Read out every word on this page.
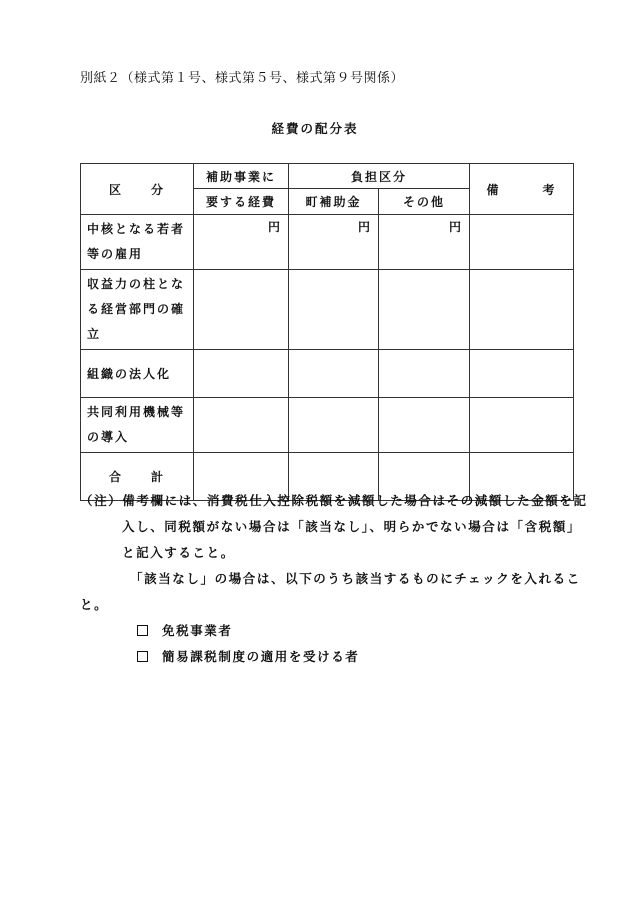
別紙２（様式第１号、様式第５号、様式第９号関係）
経費の配分表
区　　分	補助事業に	負担区分		備　　　考
	要する経費	町補助金	その他	

中核となる若者
等の雇用	円	円	円	

収益力の柱とな
る経営部門の確
立				

組織の法人化				

共同利用機械等
の導入				

合　　計				
（注）備考欄には、消費税仕入控除税額を減額した場合はその減額した金額を記
入し、同税額がない場合は「該当なし」、明らかでない場合は「含税額」
と記入すること。
「該当なし」の場合は、以下のうち該当するものにチェックを入れるこ
と。
免税事業者
簡易課税制度の適用を受ける者
